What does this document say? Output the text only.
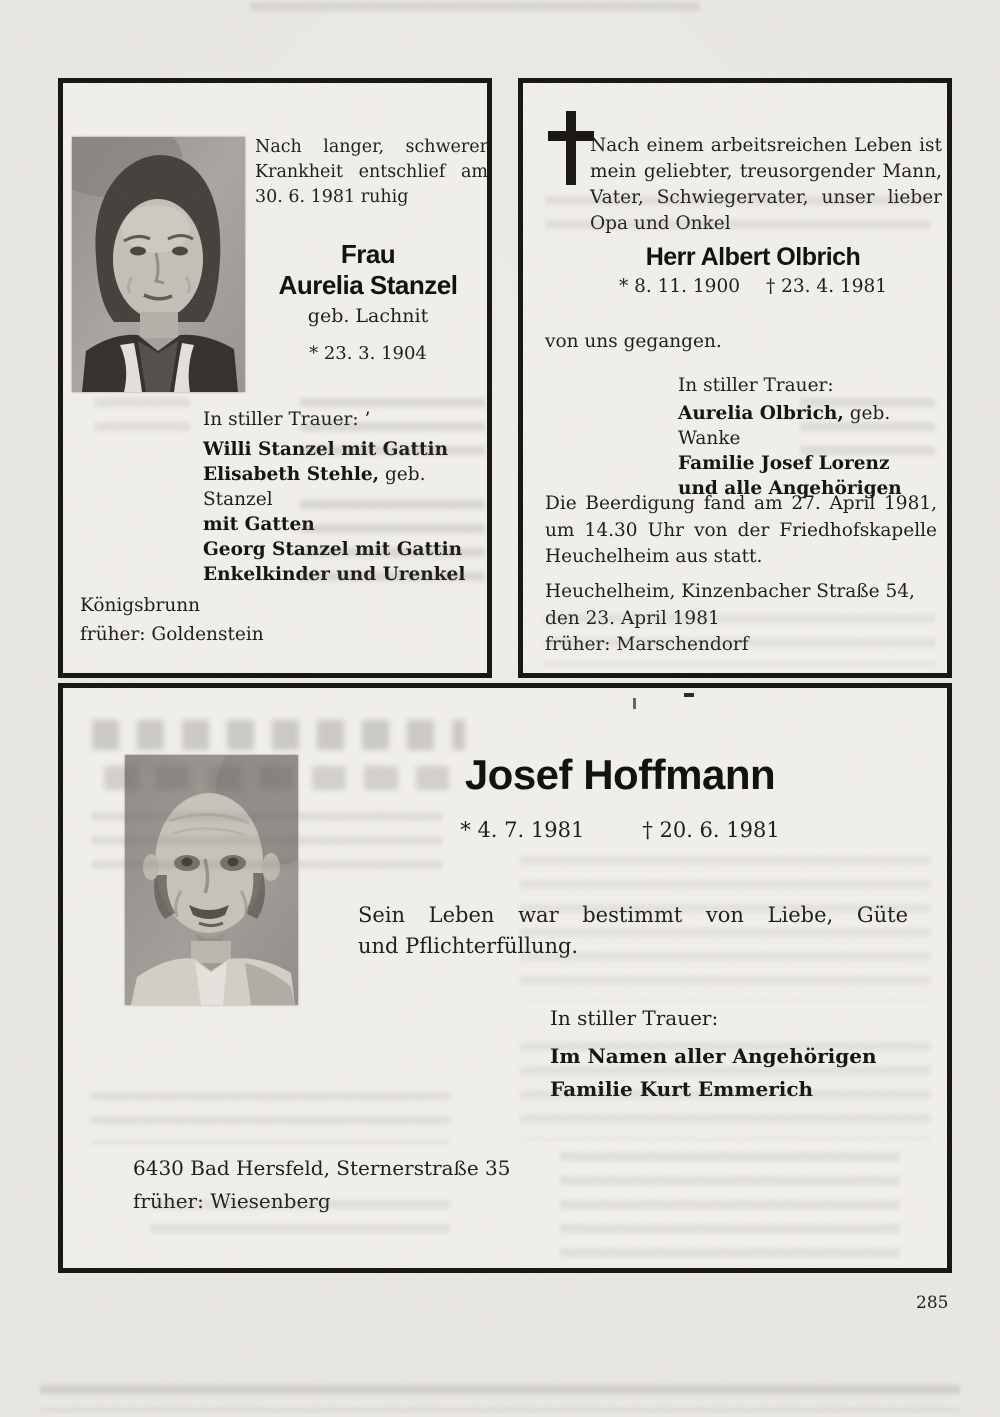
Nach langer, schwerer
Krankheit entschlief am
30. 6. 1981 ruhig
Frau
Aurelia Stanzel
geb. Lachnit
* 23. 3. 1904
In stiller Trauer: ’
Willi Stanzel mit Gattin
Elisabeth Stehle, geb. Stanzel
mit Gatten
Georg Stanzel mit Gattin
Enkelkinder und Urenkel
Königsbrunn
früher: Goldenstein
Nach einem arbeitsreichen Leben ist
mein geliebter, treusorgender Mann,
Vater, Schwiegervater, unser lieber
Opa und Onkel
Herr Albert Olbrich
* 8. 11. 1900 † 23. 4. 1981
von uns gegangen.
In stiller Trauer:
Aurelia Olbrich, geb. Wanke
Familie Josef Lorenz
und alle Angehörigen
Die Beerdigung fand am 27. April 1981,
um 14.30 Uhr von der Friedhofskapelle
Heuchelheim aus statt.
Heuchelheim, Kinzenbacher Straße 54,
den 23. April 1981
früher: Marschendorf
Josef Hoffmann
* 4. 7. 1981	† 20. 6. 1981
Sein Leben war bestimmt von Liebe, Güte
und Pflichterfüllung.
In stiller Trauer:
Im Namen aller Angehörigen
Familie Kurt Emmerich
6430 Bad Hersfeld, Sternerstraße 35
früher: Wiesenberg
285
